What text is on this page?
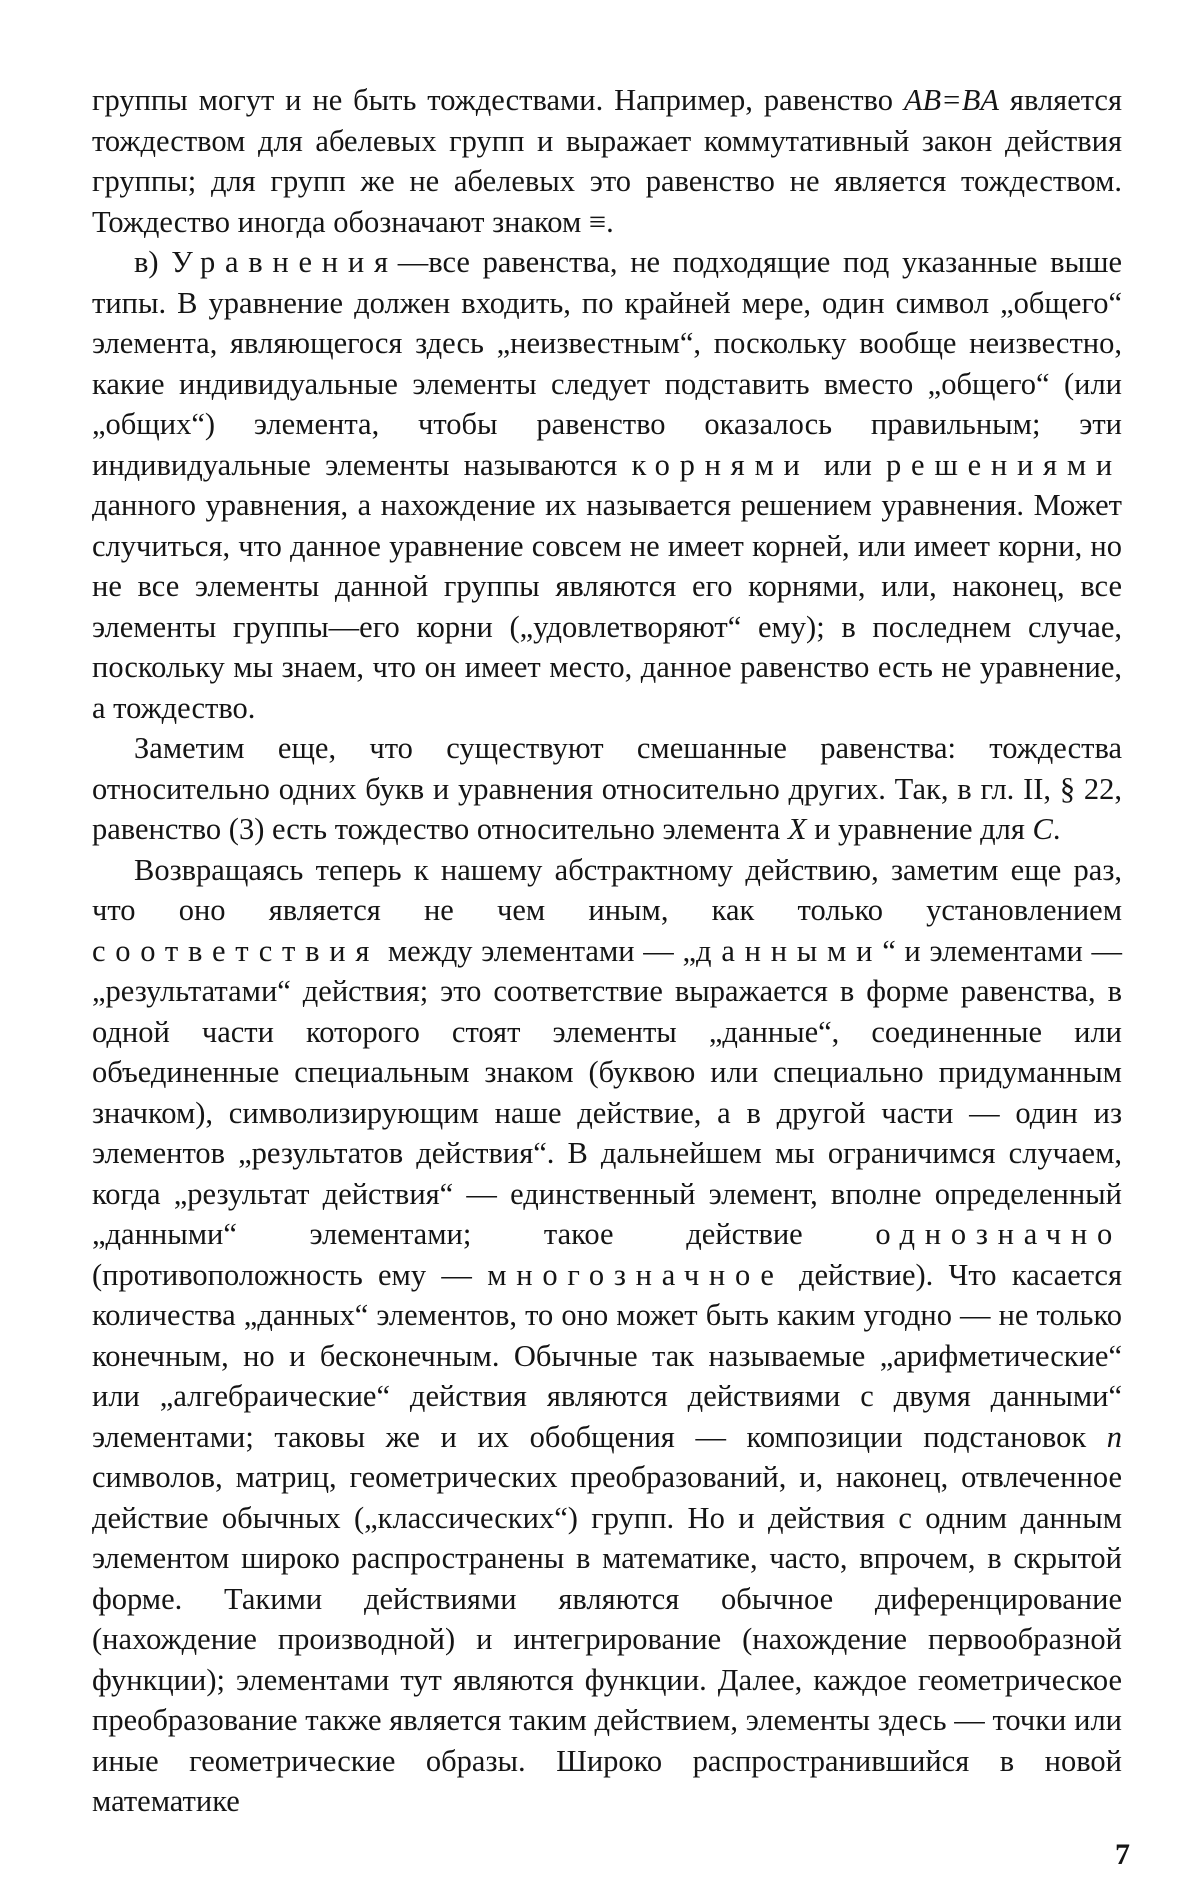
группы могут и не быть тождествами. Например, равенство AB=BA является тождеством для абелевых групп и выражает коммутативный закон действия группы; для групп же не абелевых это равенство не является тождеством. Тождество иногда обозначают знаком ≡.

в) Уравнения—все равенства, не подходящие под указанные выше типы. В уравнение должен входить, по крайней мере, один символ „общего“ элемента, являющегося здесь „неизвестным“, поскольку вообще неизвестно, какие индивидуальные элементы следует подставить вместо „общего“ (или „общих“) элемента, чтобы равенство оказалось правильным; эти индивидуальные элементы называются корнями или решениями данного уравнения, а нахождение их называется решением уравнения. Может случиться, что данное уравнение совсем не имеет корней, или имеет корни, но не все элементы данной группы являются его корнями, или, наконец, все элементы группы—его корни („удовлетворяют“ ему); в последнем случае, поскольку мы знаем, что он имеет место, данное равенство есть не уравнение, а тождество.

Заметим еще, что существуют смешанные равенства: тождества относительно одних букв и уравнения относительно других. Так, в гл. II, § 22, равенство (3) есть тождество относительно элемента X и уравнение для C.

Возвращаясь теперь к нашему абстрактному действию, заметим еще раз, что оно является не чем иным, как только установлением соответствия между элементами — „данными“ и элементами — „результатами“ действия; это соответствие выражается в форме равенства, в одной части которого стоят элементы „данные“, соединенные или объединенные специальным знаком (буквою или специально придуманным значком), символизирующим наше действие, а в другой части — один из элементов „результатов действия“. В дальнейшем мы ограничимся случаем, когда „результат действия“ — единственный элемент, вполне определенный „данными“ элементами; такое действие однозначно (противоположность ему — многозначное действие). Что касается количества „данных“ элементов, то оно может быть каким угодно — не только конечным, но и бесконечным. Обычные так называемые „арифметические“ или „алгебраические“ действия являются действиями с двумя данными“ элементами; таковы же и их обобщения — композиции подстановок n символов, матриц, геометрических преобразований, и, наконец, отвлеченное действие обычных („классических“) групп. Но и действия с одним данным элементом широко распространены в математике, часто, впрочем, в скрытой форме. Такими действиями являются обычное диференцирование (нахождение производной) и интегрирование (нахождение первообразной функции); элементами тут являются функции. Далее, каждое геометрическое преобразование также является таким действием, элементы здесь — точки или иные геометрические образы. Широко распространившийся в новой математике

7
